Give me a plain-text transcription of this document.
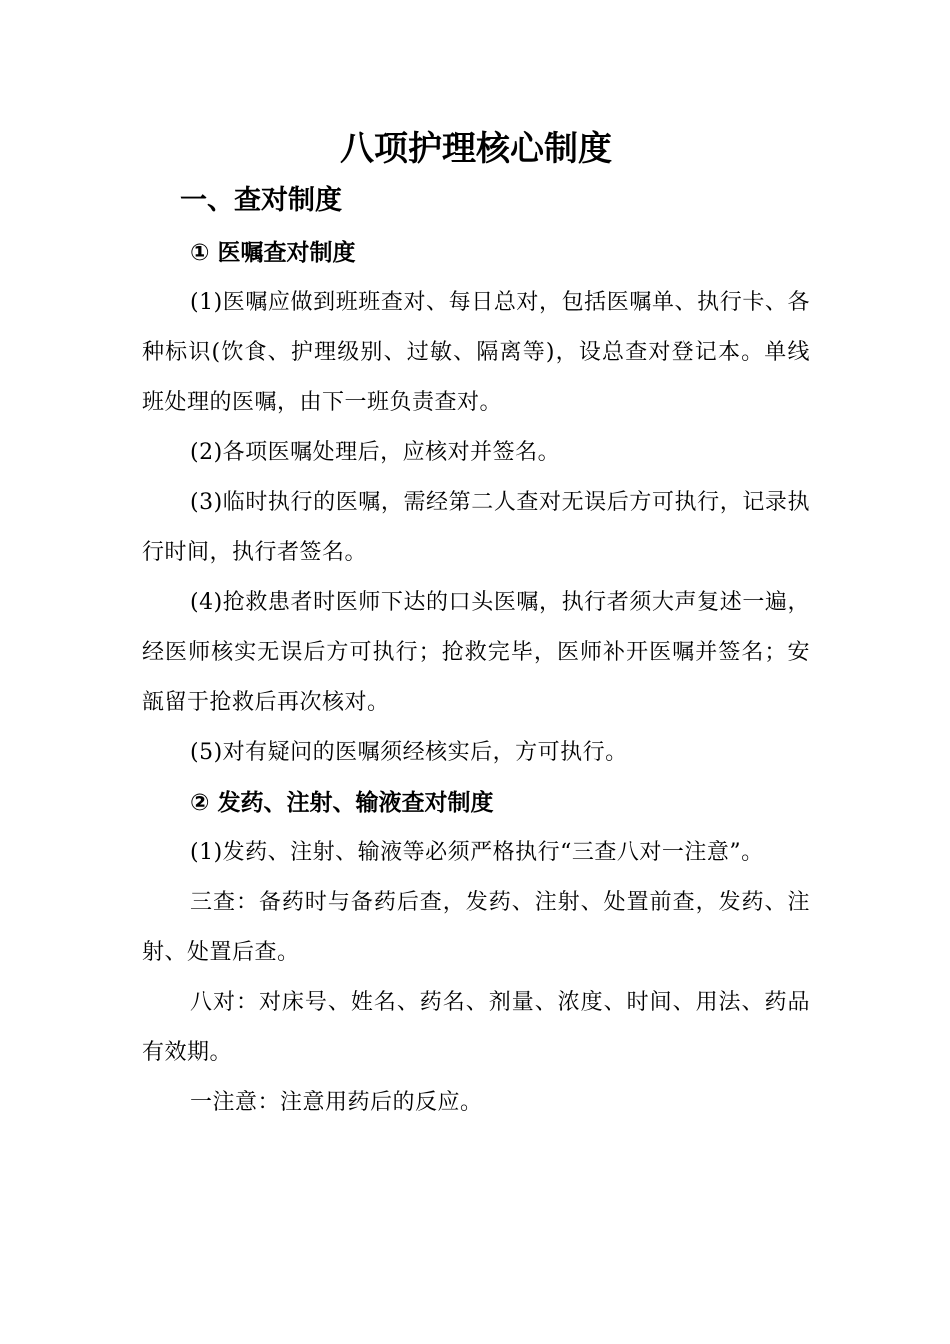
八项护理核心制度
一、查对制度
① 医嘱查对制度

(1)医嘱应做到班班查对、每日总对，包括医嘱单、执行卡、各种标识(饮食、护理级别、过敏、隔离等)，设总查对登记本。单线班处理的医嘱，由下一班负责查对。

(2)各项医嘱处理后，应核对并签名。

(3)临时执行的医嘱，需经第二人查对无误后方可执行，记录执行时间，执行者签名。

(4)抢救患者时医师下达的口头医嘱，执行者须大声复述一遍，经医师核实无误后方可执行；抢救完毕，医师补开医嘱并签名；安瓿留于抢救后再次核对。

(5)对有疑问的医嘱须经核实后，方可执行。

② 发药、注射、输液查对制度

(1)发药、注射、输液等必须严格执行“三查八对一注意”。

三查：备药时与备药后查，发药、注射、处置前查，发药、注射、处置后查。

八对：对床号、姓名、药名、剂量、浓度、时间、用法、药品有效期。

一注意：注意用药后的反应。
